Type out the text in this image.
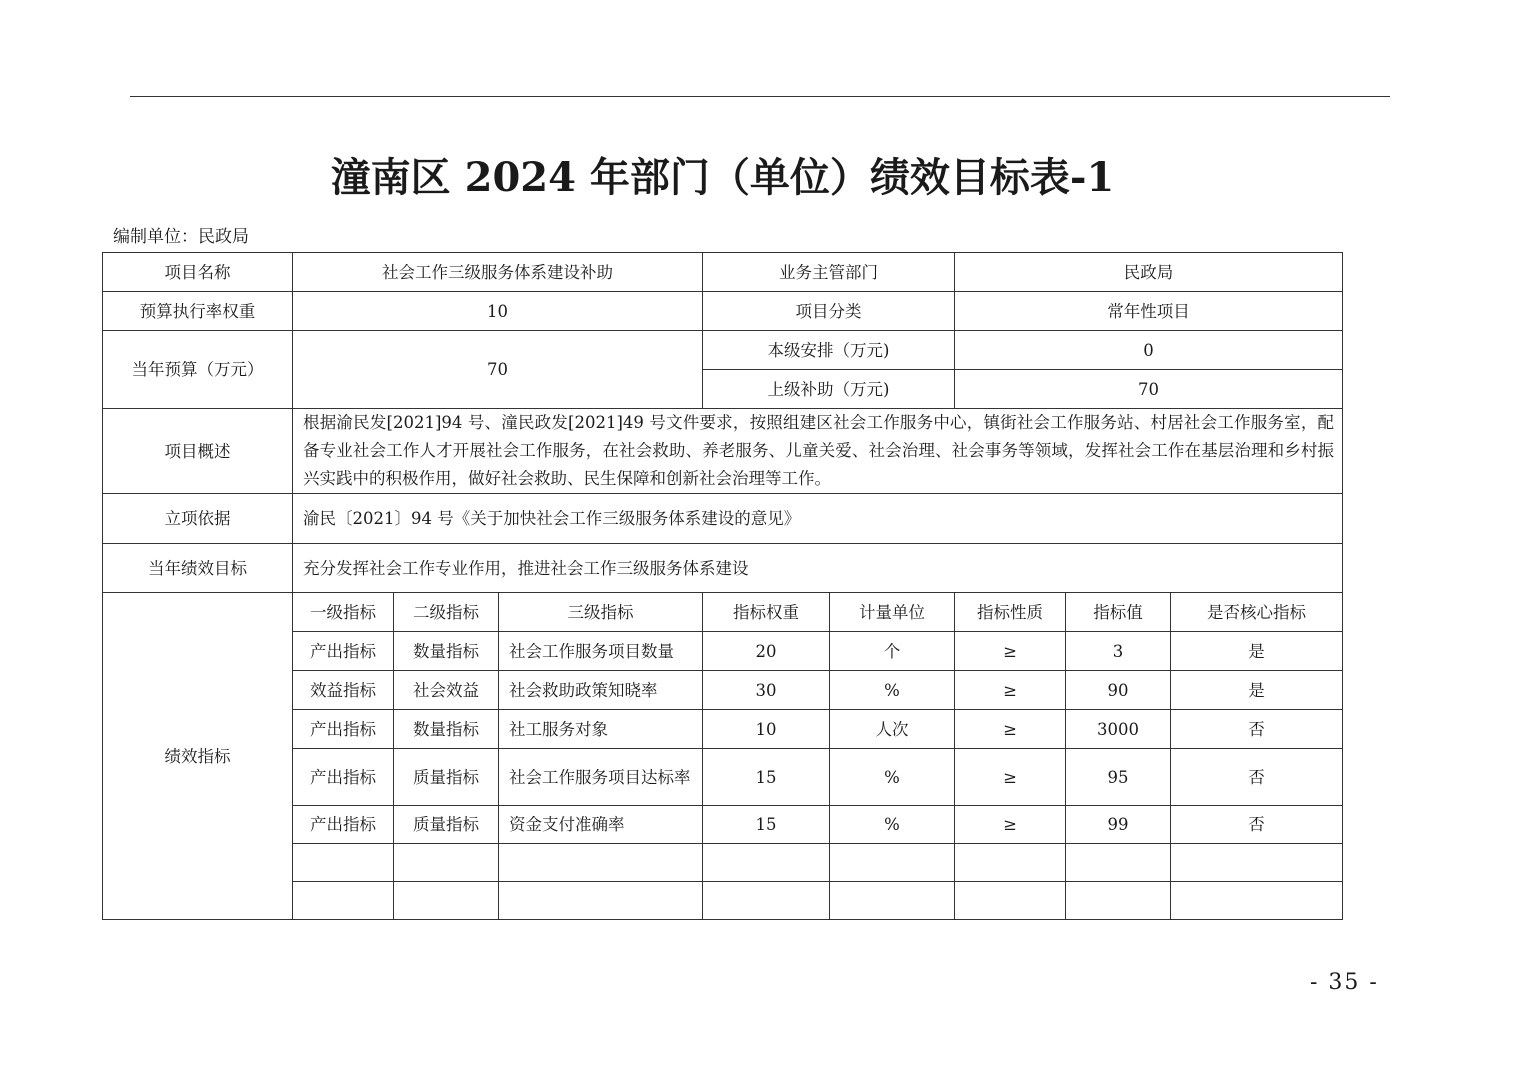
潼南区 2024 年部门（单位）绩效目标表-1
编制单位：民政局
项目名称	社会工作三级服务体系建设补助			业务主管部门		民政局		
预算执行率权重	10			项目分类		常年性项目		
当年预算（万元）	70			本级安排（万元)		0		
				上级补助（万元)		70		
项目概述	根据渝民发[2021]94 号、潼民政发[2021]49 号文件要求，按照组建区社会工作服务中心，镇街社会工作服务站、村居社会工作服务室，配备专业社会工作人才开展社会工作服务，在社会救助、养老服务、儿童关爱、社会治理、社会事务等领域，发挥社会工作在基层治理和乡村振兴实践中的积极作用，做好社会救助、民生保障和创新社会治理等工作。							
立项依据	渝民〔2021〕94 号《关于加快社会工作三级服务体系建设的意见》							
当年绩效目标	充分发挥社会工作专业作用，推进社会工作三级服务体系建设							
绩效指标	一级指标	二级指标	三级指标	指标权重	计量单位	指标性质	指标值	是否核心指标
	产出指标	数量指标	社会工作服务项目数量	20	个	≥	3	是
	效益指标	社会效益	社会救助政策知晓率	30	%	≥	90	是
	产出指标	数量指标	社工服务对象	10	人次	≥	3000	否
	产出指标	质量指标	社会工作服务项目达标率	15	%	≥	95	否
	产出指标	质量指标	资金支付准确率	15	%	≥	99	否

- 35 -
